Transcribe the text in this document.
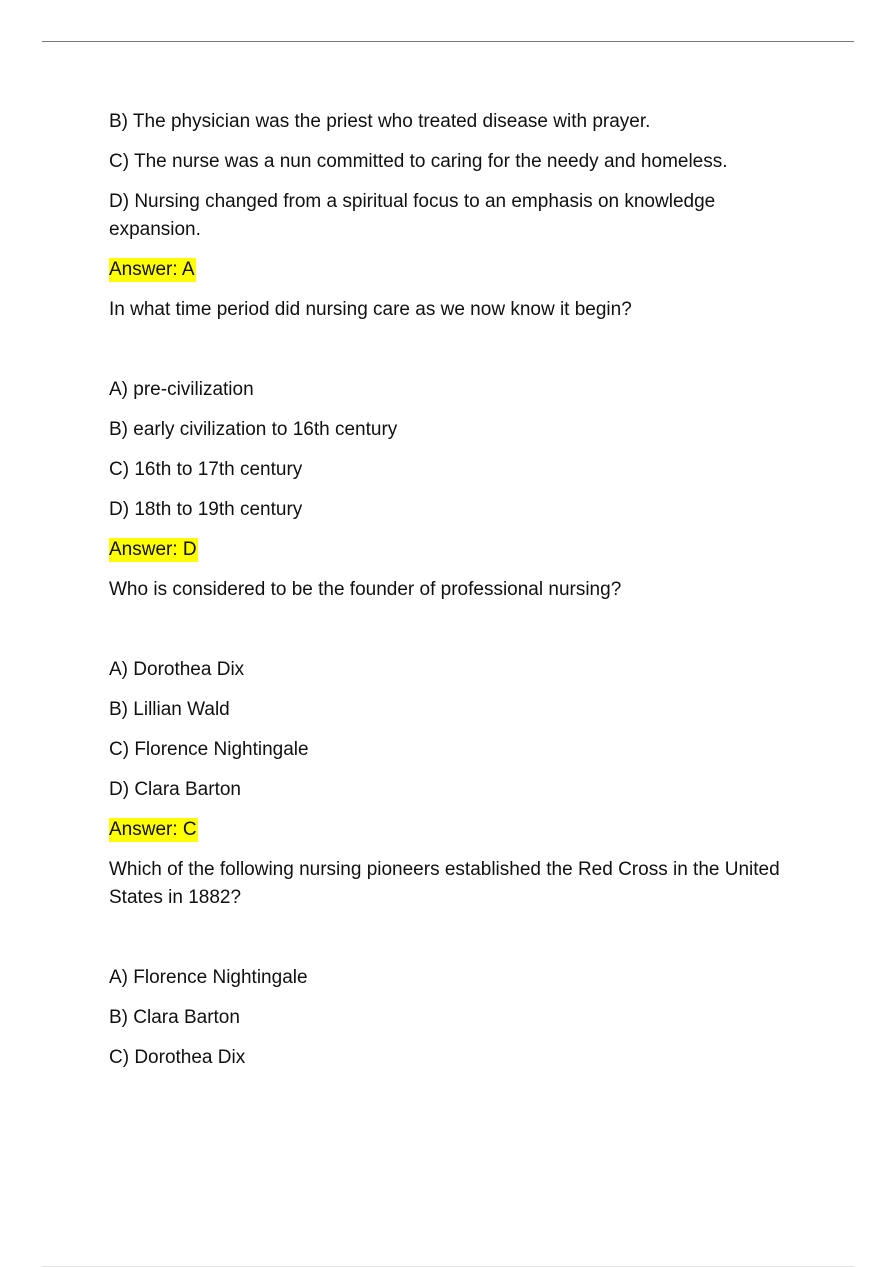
B) The physician was the priest who treated disease with prayer.

C) The nurse was a nun committed to caring for the needy and homeless.

D) Nursing changed from a spiritual focus to an emphasis on knowledge expansion.

Answer: A

In what time period did nursing care as we now know it begin?

A) pre-civilization

B) early civilization to 16th century

C) 16th to 17th century

D) 18th to 19th century

Answer: D

Who is considered to be the founder of professional nursing?

A) Dorothea Dix

B) Lillian Wald

C) Florence Nightingale

D) Clara Barton

Answer: C

Which of the following nursing pioneers established the Red Cross in the United States in 1882?

A) Florence Nightingale

B) Clara Barton

C) Dorothea Dix
